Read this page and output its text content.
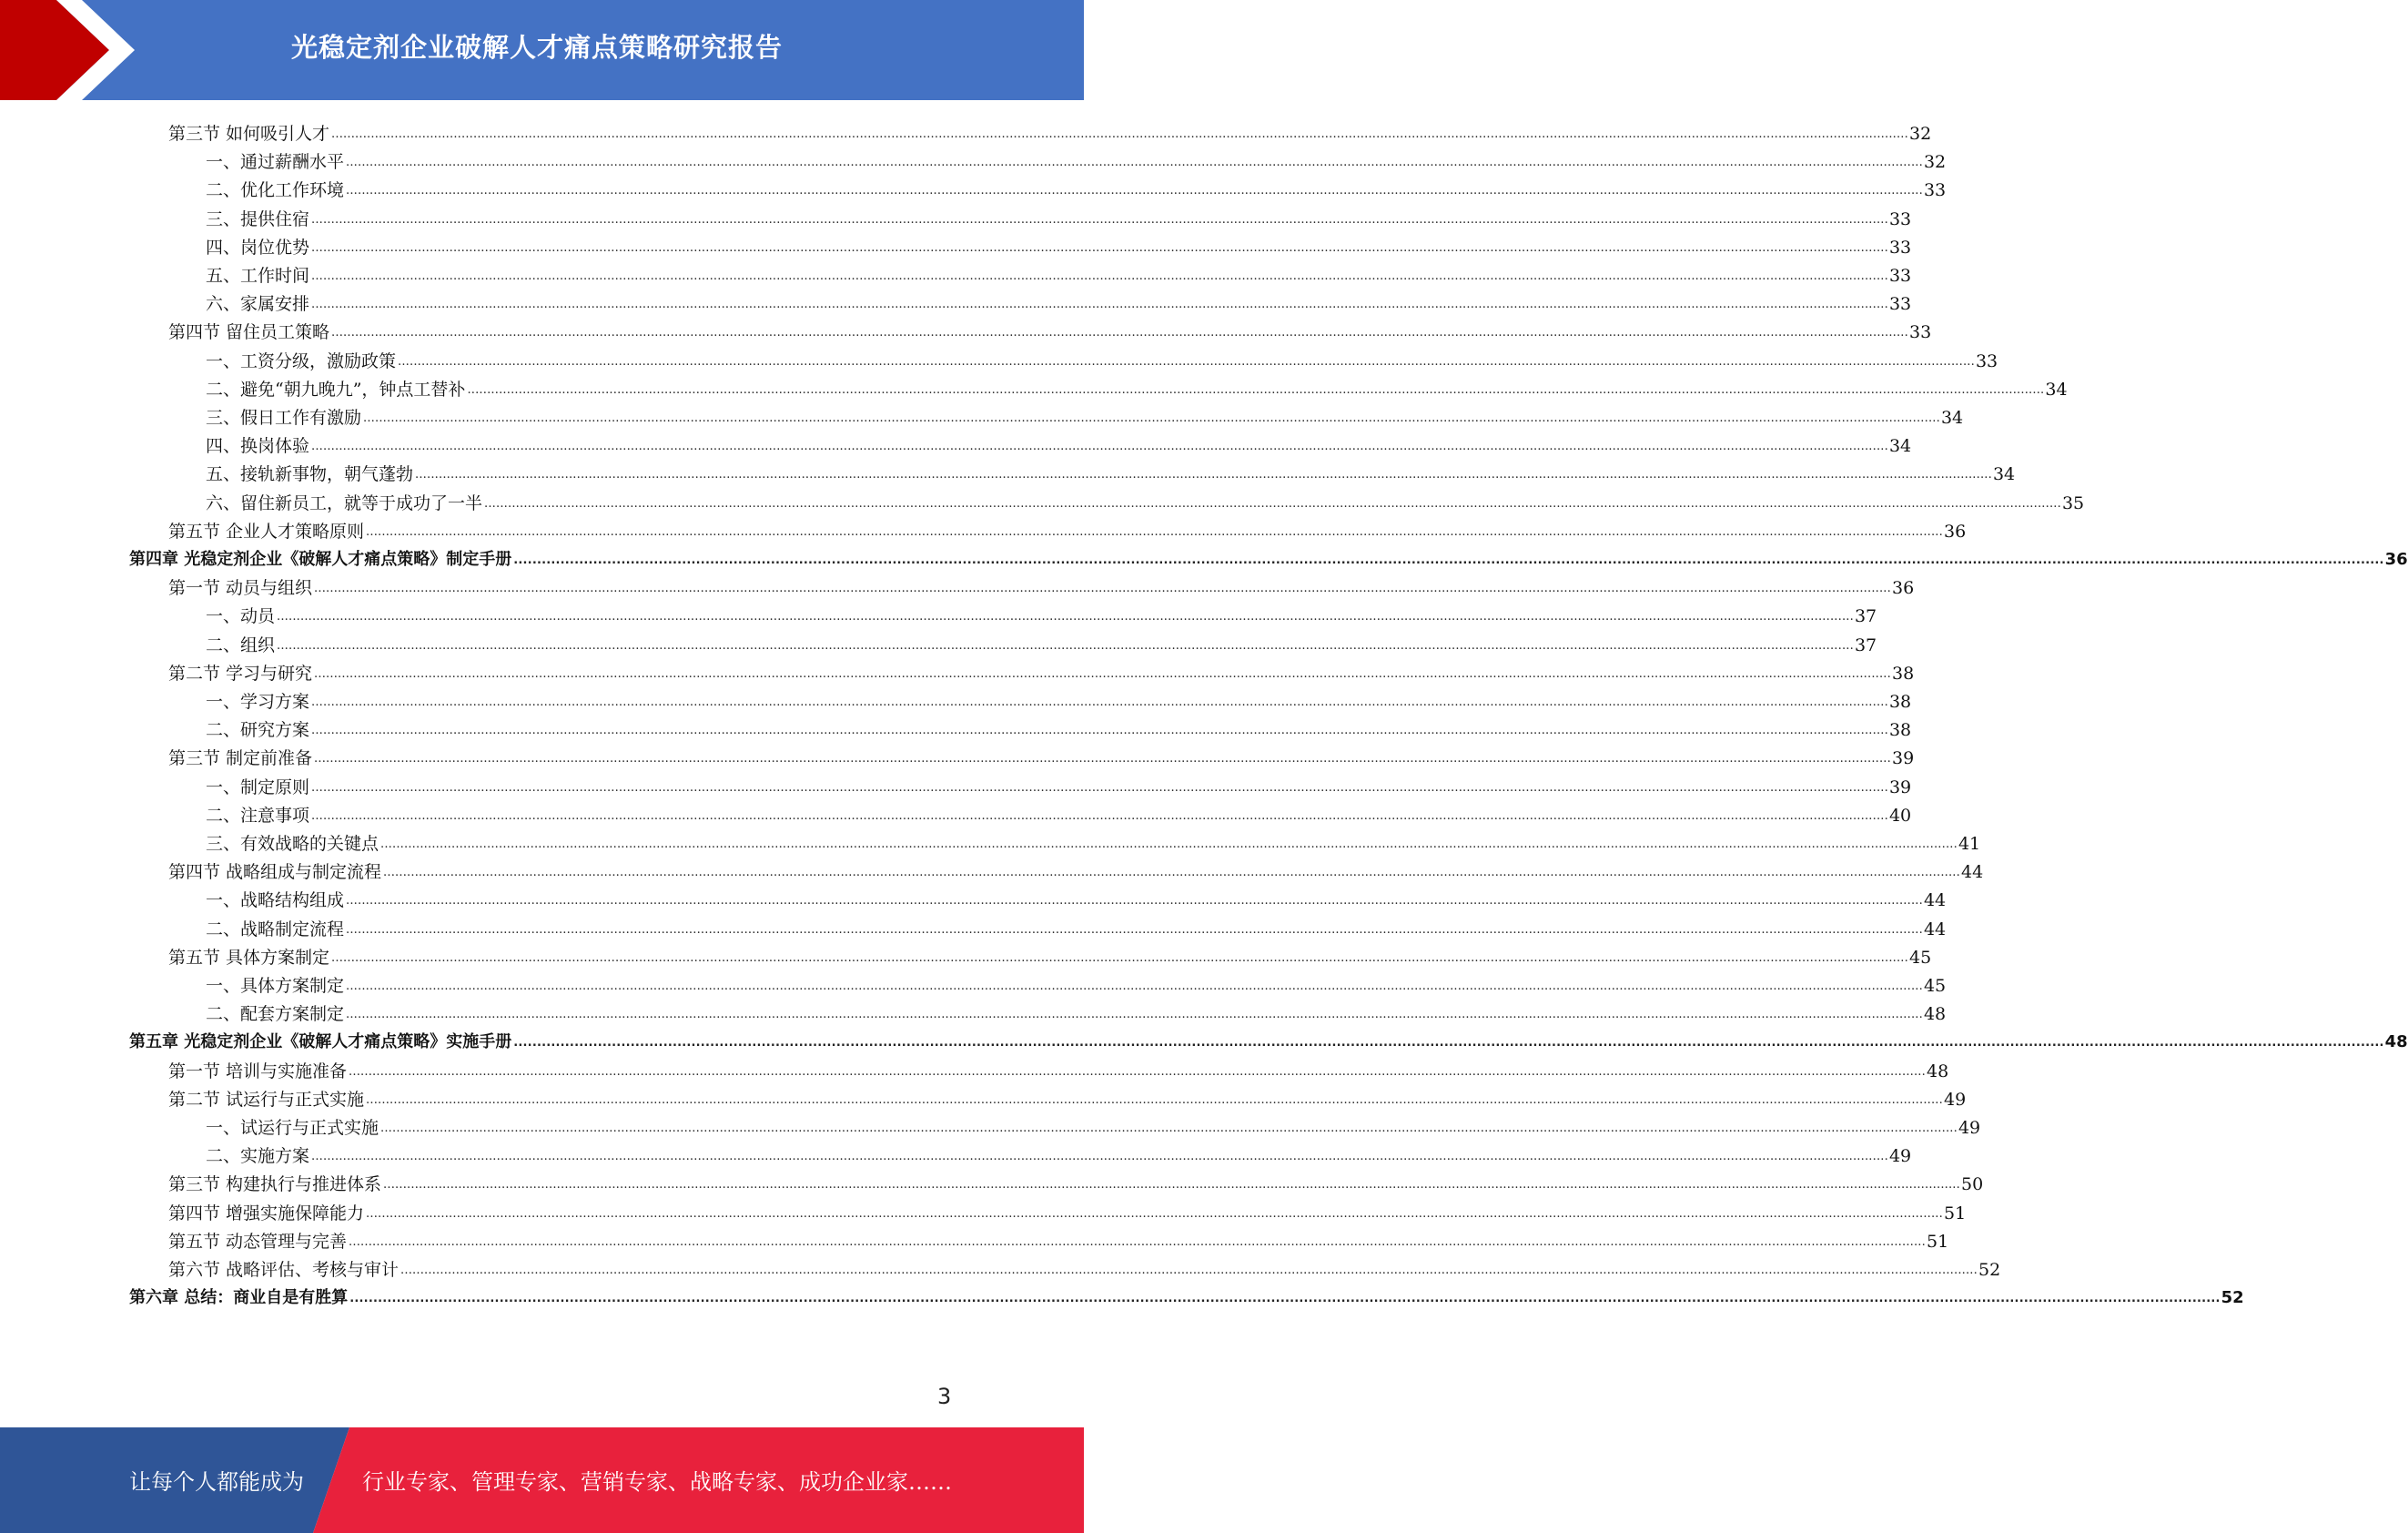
光稳定剂企业破解人才痛点策略研究报告
第三节 如何吸引人才 ................................................................................................................................................................................................................................................................................................................................................................................................................ 32
一、通过薪酬水平 ................................................................................................................................................................................................................................................................................................................................................................................................................ 32
二、优化工作环境 ................................................................................................................................................................................................................................................................................................................................................................................................................ 33
三、提供住宿 ................................................................................................................................................................................................................................................................................................................................................................................................................ 33
四、岗位优势 ................................................................................................................................................................................................................................................................................................................................................................................................................ 33
五、工作时间 ................................................................................................................................................................................................................................................................................................................................................................................................................ 33
六、家属安排 ................................................................................................................................................................................................................................................................................................................................................................................................................ 33
第四节 留住员工策略 ................................................................................................................................................................................................................................................................................................................................................................................................................ 33
一、工资分级，激励政策 ................................................................................................................................................................................................................................................................................................................................................................................................................ 33
二、避免“朝九晚九”，钟点工替补 ................................................................................................................................................................................................................................................................................................................................................................................................................ 34
三、假日工作有激励 ................................................................................................................................................................................................................................................................................................................................................................................................................ 34
四、换岗体验 ................................................................................................................................................................................................................................................................................................................................................................................................................ 34
五、接轨新事物，朝气蓬勃 ................................................................................................................................................................................................................................................................................................................................................................................................................ 34
六、留住新员工，就等于成功了一半 ................................................................................................................................................................................................................................................................................................................................................................................................................ 35
第五节 企业人才策略原则 ................................................................................................................................................................................................................................................................................................................................................................................................................ 36
第四章 光稳定剂企业《破解人才痛点策略》制定手册 ................................................................................................................................................................................................................................................................................................................................................................................................................ 36
第一节 动员与组织 ................................................................................................................................................................................................................................................................................................................................................................................................................ 36
一、动员 ................................................................................................................................................................................................................................................................................................................................................................................................................ 37
二、组织 ................................................................................................................................................................................................................................................................................................................................................................................................................ 37
第二节 学习与研究 ................................................................................................................................................................................................................................................................................................................................................................................................................ 38
一、学习方案 ................................................................................................................................................................................................................................................................................................................................................................................................................ 38
二、研究方案 ................................................................................................................................................................................................................................................................................................................................................................................................................ 38
第三节 制定前准备 ................................................................................................................................................................................................................................................................................................................................................................................................................ 39
一、制定原则 ................................................................................................................................................................................................................................................................................................................................................................................................................ 39
二、注意事项 ................................................................................................................................................................................................................................................................................................................................................................................................................ 40
三、有效战略的关键点 ................................................................................................................................................................................................................................................................................................................................................................................................................ 41
第四节 战略组成与制定流程 ................................................................................................................................................................................................................................................................................................................................................................................................................ 44
一、战略结构组成 ................................................................................................................................................................................................................................................................................................................................................................................................................ 44
二、战略制定流程 ................................................................................................................................................................................................................................................................................................................................................................................................................ 44
第五节 具体方案制定 ................................................................................................................................................................................................................................................................................................................................................................................................................ 45
一、具体方案制定 ................................................................................................................................................................................................................................................................................................................................................................................................................ 45
二、配套方案制定 ................................................................................................................................................................................................................................................................................................................................................................................................................ 48
第五章 光稳定剂企业《破解人才痛点策略》实施手册 ................................................................................................................................................................................................................................................................................................................................................................................................................ 48
第一节 培训与实施准备 ................................................................................................................................................................................................................................................................................................................................................................................................................ 48
第二节 试运行与正式实施 ................................................................................................................................................................................................................................................................................................................................................................................................................ 49
一、试运行与正式实施 ................................................................................................................................................................................................................................................................................................................................................................................................................ 49
二、实施方案 ................................................................................................................................................................................................................................................................................................................................................................................................................ 49
第三节 构建执行与推进体系 ................................................................................................................................................................................................................................................................................................................................................................................................................ 50
第四节 增强实施保障能力 ................................................................................................................................................................................................................................................................................................................................................................................................................ 51
第五节 动态管理与完善 ................................................................................................................................................................................................................................................................................................................................................................................................................ 51
第六节 战略评估、考核与审计 ................................................................................................................................................................................................................................................................................................................................................................................................................ 52
第六章 总结：商业自是有胜算 ................................................................................................................................................................................................................................................................................................................................................................................................................ 52
3
让每个人都能成为	行业专家、管理专家、营销专家、战略专家、成功企业家……
